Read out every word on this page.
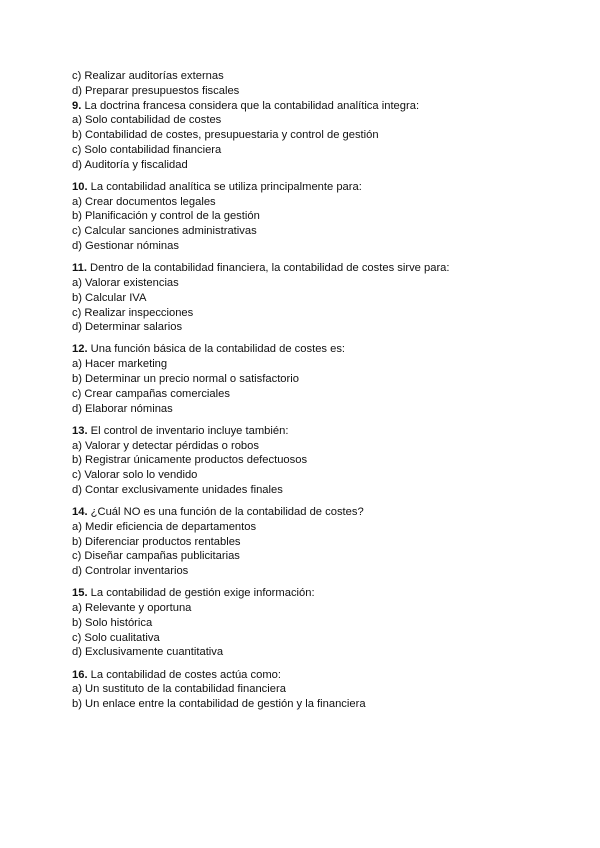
c) Realizar auditorías externas
d) Preparar presupuestos fiscales
9. La doctrina francesa considera que la contabilidad analítica integra:
a) Solo contabilidad de costes
b) Contabilidad de costes, presupuestaria y control de gestión
c) Solo contabilidad financiera
d) Auditoría y fiscalidad
10. La contabilidad analítica se utiliza principalmente para:
a) Crear documentos legales
b) Planificación y control de la gestión
c) Calcular sanciones administrativas
d) Gestionar nóminas
11. Dentro de la contabilidad financiera, la contabilidad de costes sirve para:
a) Valorar existencias
b) Calcular IVA
c) Realizar inspecciones
d) Determinar salarios
12. Una función básica de la contabilidad de costes es:
a) Hacer marketing
b) Determinar un precio normal o satisfactorio
c) Crear campañas comerciales
d) Elaborar nóminas
13. El control de inventario incluye también:
a) Valorar y detectar pérdidas o robos
b) Registrar únicamente productos defectuosos
c) Valorar solo lo vendido
d) Contar exclusivamente unidades finales
14. ¿Cuál NO es una función de la contabilidad de costes?
a) Medir eficiencia de departamentos
b) Diferenciar productos rentables
c) Diseñar campañas publicitarias
d) Controlar inventarios
15. La contabilidad de gestión exige información:
a) Relevante y oportuna
b) Solo histórica
c) Solo cualitativa
d) Exclusivamente cuantitativa
16. La contabilidad de costes actúa como:
a) Un sustituto de la contabilidad financiera
b) Un enlace entre la contabilidad de gestión y la financiera
